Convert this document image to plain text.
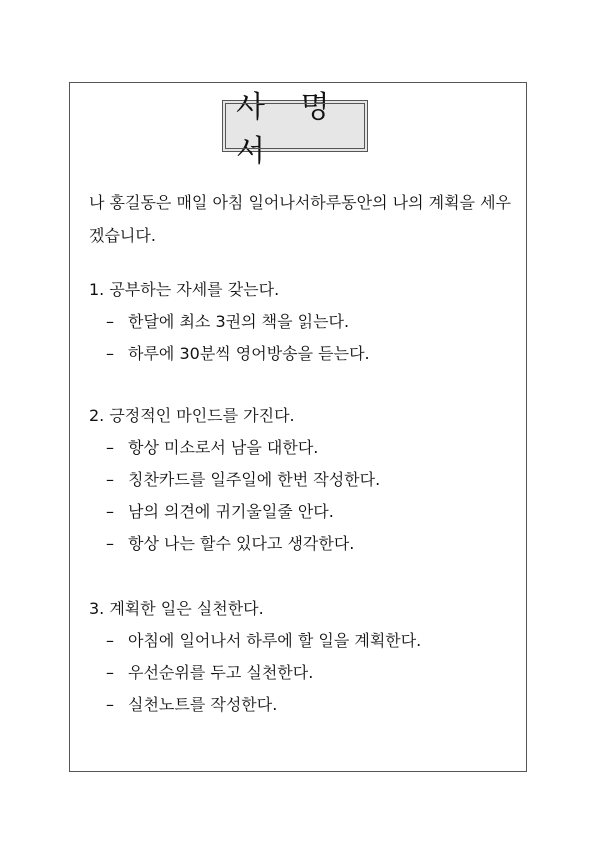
사 명 서
나 홍길동은 매일 아침 일어나서하루동안의 나의 계획을 세우겠습니다.
1. 공부하는 자세를 갖는다.
– 한달에 최소 3권의 책을 읽는다.
– 하루에 30분씩 영어방송을 듣는다.
2. 긍정적인 마인드를 가진다.
– 항상 미소로서 남을 대한다.
– 칭찬카드를 일주일에 한번 작성한다.
– 남의 의견에 귀기울일줄 안다.
– 항상 나는 할수 있다고 생각한다.
3. 계획한 일은 실천한다.
– 아침에 일어나서 하루에 할 일을 계획한다.
– 우선순위를 두고 실천한다.
– 실천노트를 작성한다.
